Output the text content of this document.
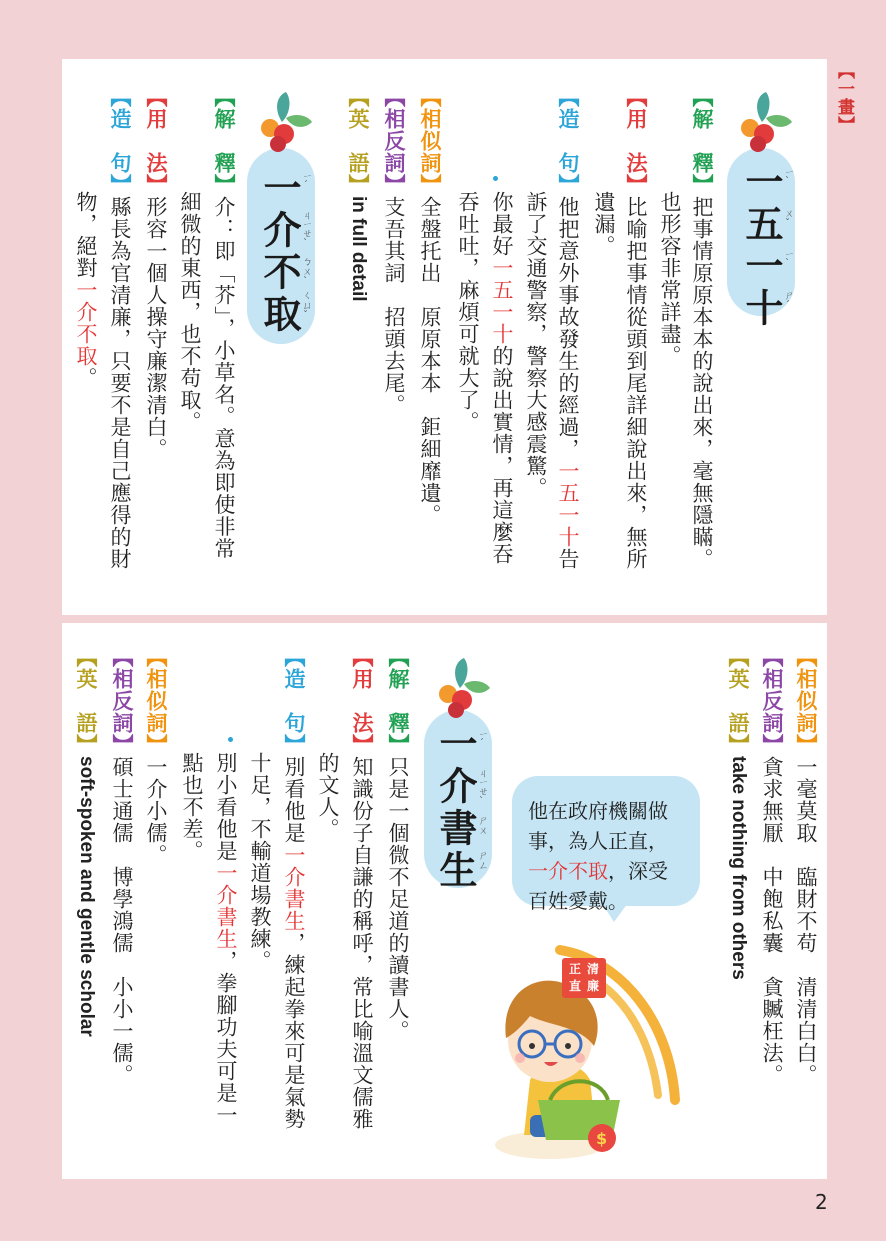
【一畫】
一五一十 ㄧˋ
ㄨˇ
ㄧˋ
ㄕˊ
【解　釋】把事情原原本本的說出來，毫無隱瞞。
也形容非常詳盡。
【用　法】比喻把事情從頭到尾詳細說出來，無所
遺漏。
【造　句】他把意外事故發生的經過，一五一十告
訴了交通警察，警察大感震驚。
你最好一五一十的說出實情，再這麼吞
吞吐吐，麻煩可就大了。
【相似詞】全盤托出　原原本本　鉅細靡遺。
【相反詞】支吾其詞　招頭去尾。
【英　語】in full detail
一介不取 ㄧˊ
ㄐㄧㄝˋ
ㄅㄨˋ
ㄑㄩˇ
【解　釋】介：即「芥」，小草名。意為即使非常
細微的東西，也不苟取。
【用　法】形容一個人操守廉潔清白。
【造　句】縣長為官清廉，只要不是自己應得的財
物，絕對一介不取。
【相似詞】一毫莫取　臨財不苟　清清白白。
【相反詞】貪求無厭　中飽私囊　貪贓枉法。
【英　語】take nothing from others
他在政府機關做
事，為人正直，
一介不取，深受
百姓愛戴。
$
正 清
直 廉
一介書生 ㄧˊ
ㄐㄧㄝˋ
ㄕㄨ
ㄕㄥ
【解　釋】只是一個微不足道的讀書人。
【用　法】知識份子自謙的稱呼，常比喻溫文儒雅
的文人。
【造　句】別看他是一介書生，練起拳來可是氣勢
十足，不輸道場教練。
別小看他是一介書生，拳腳功夫可是一
點也不差。
【相似詞】一介小儒。
【相反詞】碩士通儒　博學鴻儒　小小一儒。
【英　語】soft-spoken and gentle scholar
2
